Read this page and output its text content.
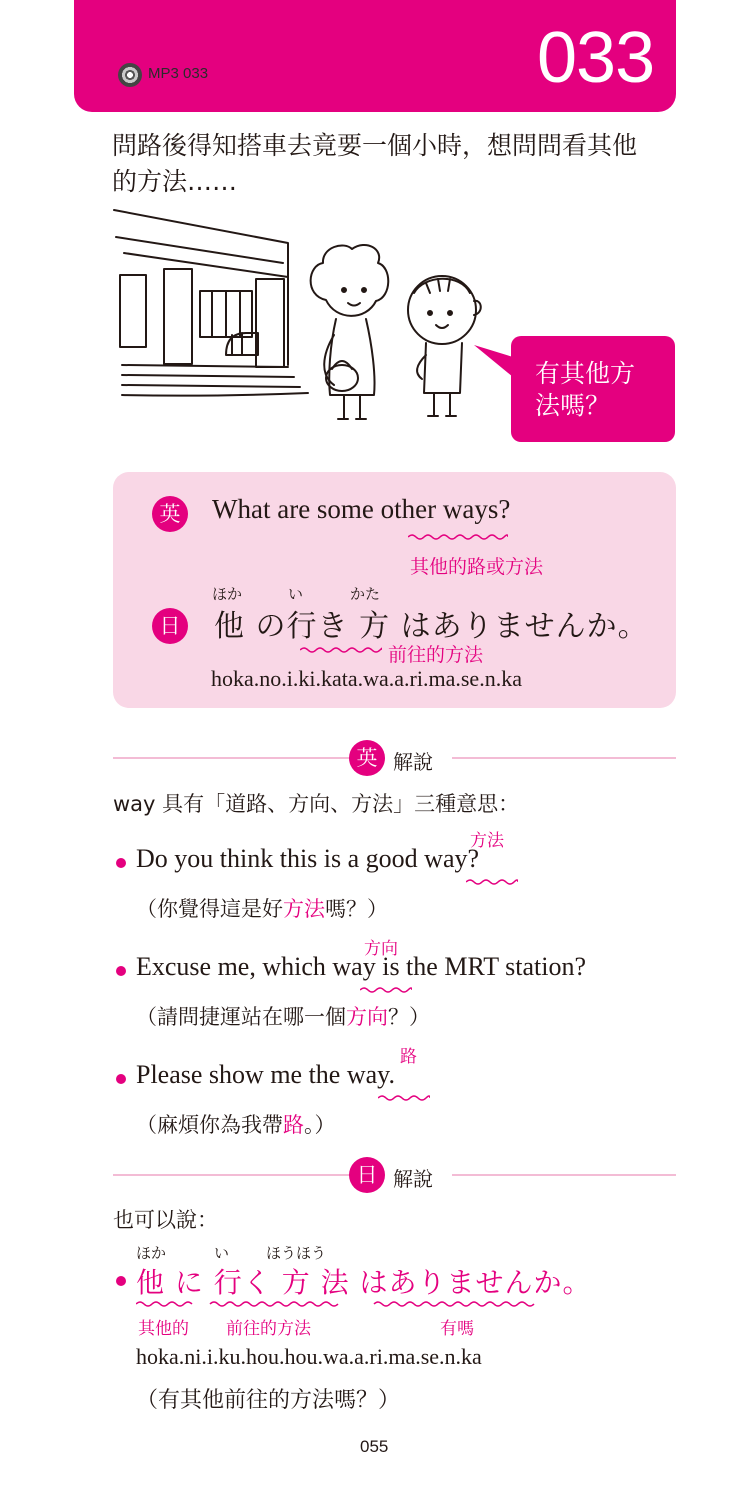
MP3 033	033
問路後得知搭車去竟要一個小時，想問問看其他
的方法……
有其他方
法嗎？
英 What are some other ways?
其他的路或方法
ほか	い	かた
日 他 の行き 方 はありませんか。
前往的方法
hoka.no.i.ki.kata.wa.a.ri.ma.se.n.ka
英 解說
way 具有「道路、方向、方法」三種意思：
方法
Do you think this is a good way?
（你覺得這是好方法嗎？）
方向
Excuse me, which way is the MRT station?
（請問捷運站在哪一個方向？）
路
Please show me the way.
（麻煩你為我帶路。）
日 解說
也可以說：
ほか	い ほうほう
他 に 行く 方 法 はありませんか。
其他的 前往的方法	有嗎
hoka.ni.i.ku.hou.hou.wa.a.ri.ma.se.n.ka
（有其他前往的方法嗎？）
055
